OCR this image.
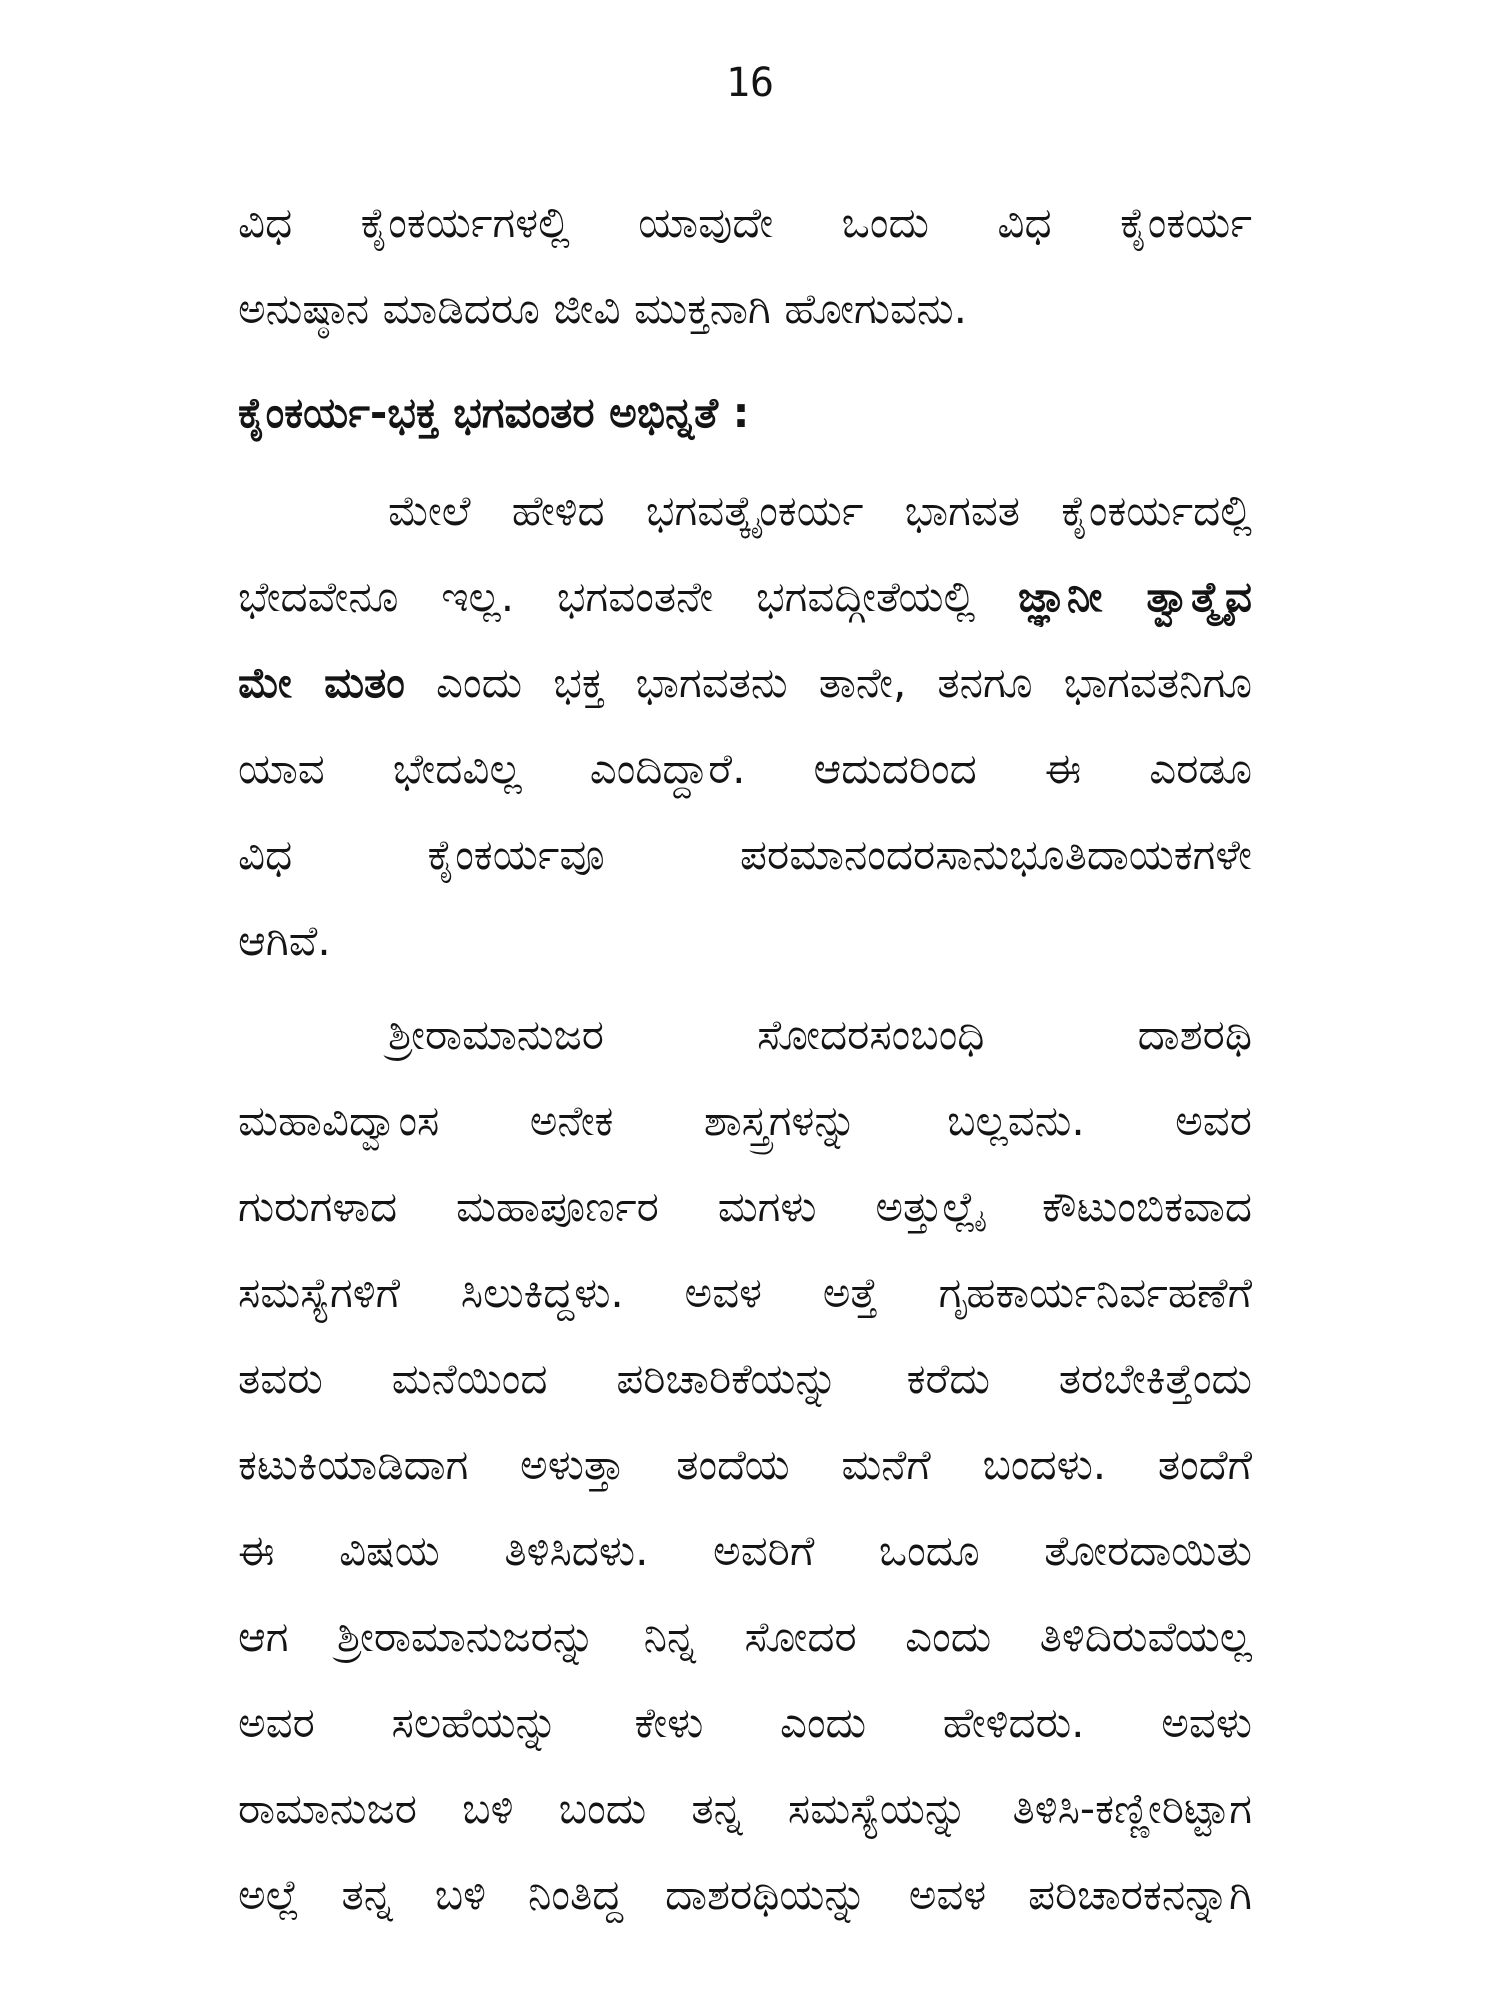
16
ವಿಧ ಕೈಂಕರ್ಯಗಳಲ್ಲಿ ಯಾವುದೇ ಒಂದು ವಿಧ ಕೈಂಕರ್ಯ
ಅನುಷ್ಠಾನ ಮಾಡಿದರೂ ಜೀವಿ ಮುಕ್ತನಾಗಿ ಹೋಗುವನು.
ಕೈಂಕರ್ಯ-ಭಕ್ತ ಭಗವಂತರ ಅಭಿನ್ನತೆ :
ಮೇಲೆ ಹೇಳಿದ ಭಗವತ್ಕೈಂಕರ್ಯ ಭಾಗವತ ಕೈಂಕರ್ಯದಲ್ಲಿ
ಭೇದವೇನೂ ಇಲ್ಲ. ಭಗವಂತನೇ ಭಗವದ್ಗೀತೆಯಲ್ಲಿ ಜ್ಞಾನೀ ತ್ವಾತ್ಮೈವ
ಮೇ ಮತಂ ಎಂದು ಭಕ್ತ ಭಾಗವತನು ತಾನೇ, ತನಗೂ ಭಾಗವತನಿಗೂ
ಯಾವ ಭೇದವಿಲ್ಲ ಎಂದಿದ್ದಾರೆ. ಆದುದರಿಂದ ಈ ಎರಡೂ
ವಿಧ ಕೈಂಕರ್ಯವೂ ಪರಮಾನಂದರಸಾನುಭೂತಿದಾಯಕಗಳೇ
ಆಗಿವೆ.
ಶ್ರೀರಾಮಾನುಜರ ಸೋದರಸಂಬಂಧಿ ದಾಶರಥಿ
ಮಹಾವಿದ್ವಾಂಸ ಅನೇಕ ಶಾಸ್ತ್ರಗಳನ್ನು ಬಲ್ಲವನು. ಅವರ
ಗುರುಗಳಾದ ಮಹಾಪೂರ್ಣರ ಮಗಳು ಅತ್ತುಲ್ಲೈ ಕೌಟುಂಬಿಕವಾದ
ಸಮಸ್ಯೆಗಳಿಗೆ ಸಿಲುಕಿದ್ದಳು. ಅವಳ ಅತ್ತೆ ಗೃಹಕಾರ್ಯನಿರ್ವಹಣೆಗೆ
ತವರು ಮನೆಯಿಂದ ಪರಿಚಾರಿಕೆಯನ್ನು ಕರೆದು ತರಬೇಕಿತ್ತೆಂದು
ಕಟುಕಿಯಾಡಿದಾಗ ಅಳುತ್ತಾ ತಂದೆಯ ಮನೆಗೆ ಬಂದಳು. ತಂದೆಗೆ
ಈ ವಿಷಯ ತಿಳಿಸಿದಳು. ಅವರಿಗೆ ಒಂದೂ ತೋರದಾಯಿತು
ಆಗ ಶ್ರೀರಾಮಾನುಜರನ್ನು ನಿನ್ನ ಸೋದರ ಎಂದು ತಿಳಿದಿರುವೆಯಲ್ಲ
ಅವರ ಸಲಹೆಯನ್ನು ಕೇಳು ಎಂದು ಹೇಳಿದರು. ಅವಳು
ರಾಮಾನುಜರ ಬಳಿ ಬಂದು ತನ್ನ ಸಮಸ್ಯೆಯನ್ನು ತಿಳಿಸಿ-ಕಣ್ಣೀರಿಟ್ಟಾಗ
ಅಲ್ಲೆ ತನ್ನ ಬಳಿ ನಿಂತಿದ್ದ ದಾಶರಥಿಯನ್ನು ಅವಳ ಪರಿಚಾರಕನನ್ನಾಗಿ
